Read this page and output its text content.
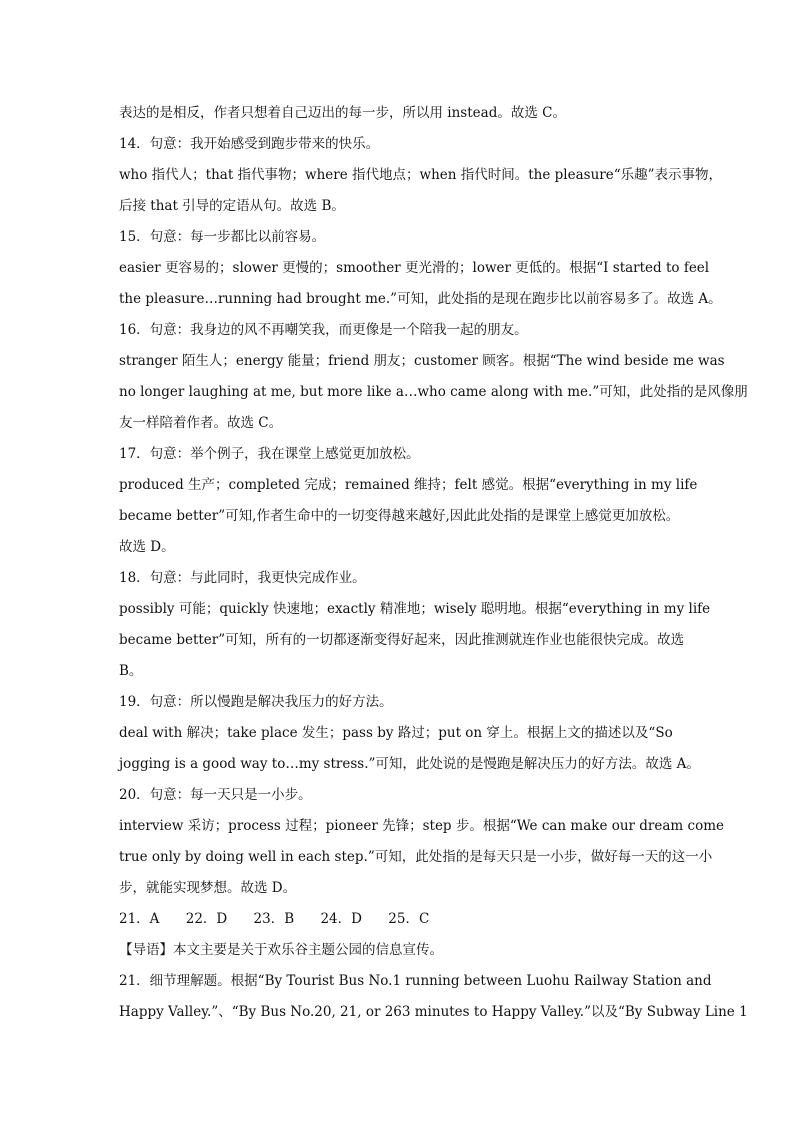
表达的是相反，作者只想着自己迈出的每一步，所以用 instead。故选 C。
14．句意：我开始感受到跑步带来的快乐。
who 指代人；that 指代事物；where 指代地点；when 指代时间。the pleasure“乐趣”表示事物，
后接 that 引导的定语从句。故选 B。
15．句意：每一步都比以前容易。
easier 更容易的；slower 更慢的；smoother 更光滑的；lower 更低的。根据“I started to feel
the pleasure…running had brought me.”可知，此处指的是现在跑步比以前容易多了。故选 A。
16．句意：我身边的风不再嘲笑我，而更像是一个陪我一起的朋友。
stranger 陌生人；energy 能量；friend 朋友；customer 顾客。根据“The wind beside me was
no longer laughing at me, but more like a…who came along with me.”可知，此处指的是风像朋
友一样陪着作者。故选 C。
17．句意：举个例子，我在课堂上感觉更加放松。
produced 生产；completed 完成；remained 维持；felt 感觉。根据“everything in my life
became better”可知,作者生命中的一切变得越来越好,因此此处指的是课堂上感觉更加放松。
故选 D。
18．句意：与此同时，我更快完成作业。
possibly 可能；quickly 快速地；exactly 精准地；wisely 聪明地。根据“everything in my life
became better”可知，所有的一切都逐渐变得好起来，因此推测就连作业也能很快完成。故选
B。
19．句意：所以慢跑是解决我压力的好方法。
deal with 解决；take place 发生；pass by 路过；put on 穿上。根据上文的描述以及“So
jogging is a good way to…my stress.”可知，此处说的是慢跑是解决压力的好方法。故选 A。
20．句意：每一天只是一小步。
interview 采访；process 过程；pioneer 先锋；step 步。根据“We can make our dream come
true only by doing well in each step.”可知，此处指的是每天只是一小步，做好每一天的这一小
步，就能实现梦想。故选 D。
21．A 22．D 23．B 24．D 25．C
【导语】本文主要是关于欢乐谷主题公园的信息宣传。
21．细节理解题。根据“By Tourist Bus No.1 running between Luohu Railway Station and
Happy Valley.”、“By Bus No.20, 21, or 263 minutes to Happy Valley.”以及“By Subway Line 1
